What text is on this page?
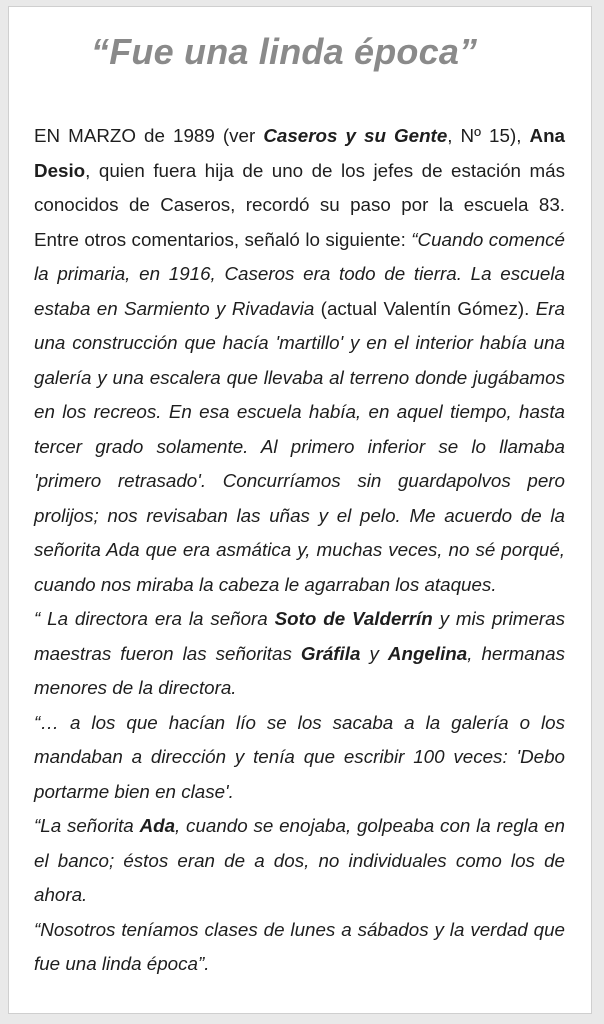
“Fue una linda época”

EN MARZO de 1989 (ver Caseros y su Gente, Nº 15), Ana Desio, quien fuera hija de uno de los jefes de estación más conocidos de Caseros, recordó su paso por la escuela 83. Entre otros comentarios, señaló lo siguiente: “Cuando comencé la primaria, en 1916, Caseros era todo de tierra. La escuela estaba en Sarmiento y Rivadavia (actual Valentín Gómez). Era una construcción que hacía 'martillo' y en el interior había una galería y una escalera que llevaba al terreno donde jugábamos en los recreos. En esa escuela había, en aquel tiempo, hasta tercer grado solamente. Al primero inferior se lo llamaba 'primero retrasado'. Concurríamos sin guardapolvos pero prolijos; nos revisaban las uñas y el pelo. Me acuerdo de la señorita Ada que era asmática y, muchas veces, no sé porqué, cuando nos miraba la cabeza le agarraban los ataques.

“ La directora era la señora Soto de Valderrín y mis primeras maestras fueron las señoritas Gráfila y Angelina, hermanas menores de la directora.

“… a los que hacían lío se los sacaba a la galería o los mandaban a dirección y tenía que escribir 100 veces: 'Debo portarme bien en clase'.

“La señorita Ada, cuando se enojaba, golpeaba con la regla en el banco; éstos eran de a dos, no individuales como los de ahora.

“Nosotros teníamos clases de lunes a sábados y la verdad que fue una linda época”.
